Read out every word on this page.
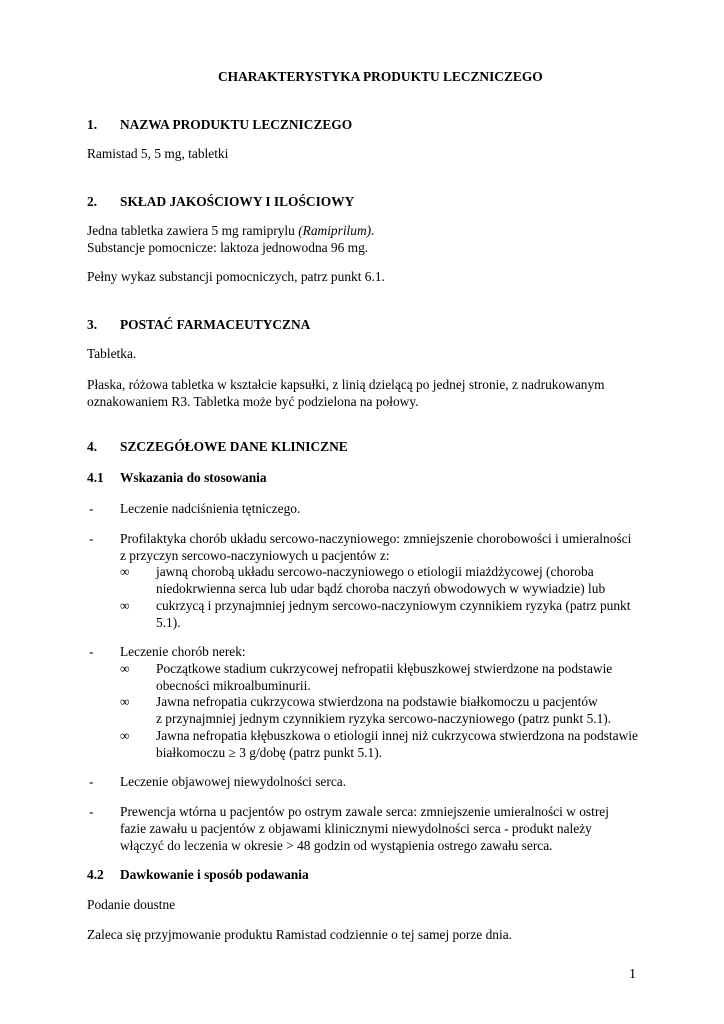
CHARAKTERYSTYKA PRODUKTU LECZNICZEGO
1. NAZWA PRODUKTU LECZNICZEGO
Ramistad 5, 5 mg, tabletki
2. SKŁAD JAKOŚCIOWY I ILOŚCIOWY
Jedna tabletka zawiera 5 mg ramiprylu (Ramiprilum).
Substancje pomocnicze: laktoza jednowodna 96 mg.
Pełny wykaz substancji pomocniczych, patrz punkt 6.1.
3. POSTAĆ FARMACEUTYCZNA
Tabletka.
Płaska, różowa tabletka w kształcie kapsułki, z linią dzielącą po jednej stronie, z nadrukowanym
oznakowaniem R3. Tabletka może być podzielona na połowy.
4. SZCZEGÓŁOWE DANE KLINICZNE
4.1 Wskazania do stosowania
- Leczenie nadciśnienia tętniczego.
- Profilaktyka chorób układu sercowo-naczyniowego: zmniejszenie chorobowości i umieralności
z przyczyn sercowo-naczyniowych u pacjentów z:
∞ jawną chorobą układu sercowo-naczyniowego o etiologii miażdżycowej (choroba
niedokrwienna serca lub udar bądź choroba naczyń obwodowych w wywiadzie) lub
∞ cukrzycą i przynajmniej jednym sercowo-naczyniowym czynnikiem ryzyka (patrz punkt
5.1).
- Leczenie chorób nerek:
∞ Początkowe stadium cukrzycowej nefropatii kłębuszkowej stwierdzone na podstawie
obecności mikroalbuminurii.
∞ Jawna nefropatia cukrzycowa stwierdzona na podstawie białkomoczu u pacjentów
z przynajmniej jednym czynnikiem ryzyka sercowo-naczyniowego (patrz punkt 5.1).
∞ Jawna nefropatia kłębuszkowa o etiologii innej niż cukrzycowa stwierdzona na podstawie
białkomoczu ≥ 3 g/dobę (patrz punkt 5.1).
- Leczenie objawowej niewydolności serca.
- Prewencja wtórna u pacjentów po ostrym zawale serca: zmniejszenie umieralności w ostrej
fazie zawału u pacjentów z objawami klinicznymi niewydolności serca - produkt należy
włączyć do leczenia w okresie > 48 godzin od wystąpienia ostrego zawału serca.
4.2 Dawkowanie i sposób podawania
Podanie doustne
Zaleca się przyjmowanie produktu Ramistad codziennie o tej samej porze dnia.
1
